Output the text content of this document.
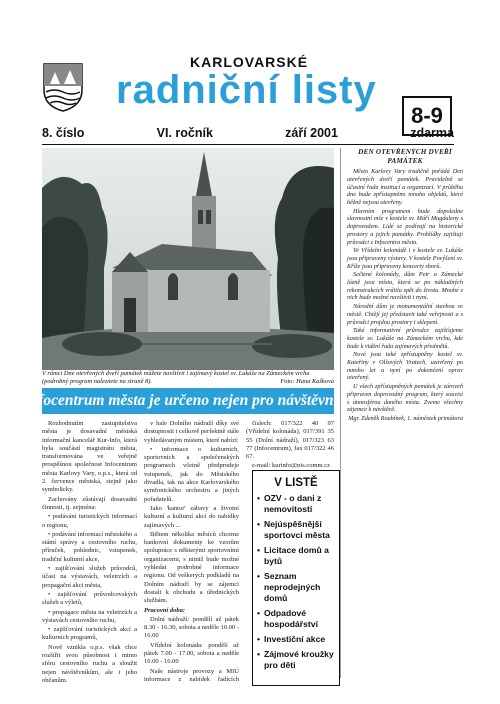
KARLOVARSKÉ
radniční listy
8-9
8. číslo	VI. ročník	září 2001	zdarma
V rámci Dne otevřených dveří památek můžete navštívit i zajímavý kostel sv. Lukáše na Zámeckém vrchu (podrobný program naleznete na straně 8).	Foto: Hana Kašková
Infocentrum města je určeno nejen pro návštěvníky

Rozhodnutím zastupitelstva města je dosavadní městská informační kancelář Kur-Info, která byla součástí magistrátu města, transformována ve veřejně prospěšnou společnost Infocentrum města Karlovy Vary, o.p.s., která od 2. července městská, stejně jako symbolicky.

Zachovány zůstávají dosavadní činnosti, tj. zejména:

• podávání turistických informací o regionu,

• podávání informací městského a státní správy a cestovního ruchu, příruček, pohlednic, vstupenek, tradiční kulturní akce,

• zajišťování služeb průvodců, účast na výstavách, veletrzích a propagační akci města,

• zajišťování průvodcovských služeb a výletů,

• propagace města na veletrzích a výstavách cestovního ruchu,

• zajišťování turistických akcí a kulturních programů,

Nově vznikla o.p.s. však chce rozšířit svou působnost i mimo sféru cestovního ruchu a sloužit nejen návštěvníkům, ale i jeho občanům.

v hale Dolního nádraží díky své dostupnosti i celkově perfektně stále vyhledávaným místem, které nabízí:

• informace o kulturních, sportovních a společenských programech včetně předprodeje vstupenek, jak do Městského divadla, tak na akce Karlovarského symfonického orchestru a jiných pořadatelů.

Jako 'kantor' zábavy a životní kulturní a kulturní akcí do nabídky zajímavých ...

Během několika měsíců chceme bankovní dokumenty ke vzorům spolupráce s některými sportovními organizacemi, s nimiž bude možné vyhledat podrobné informace regionu. Od veškerých podkladů na Dolním nádraží by se zájemci dostali k obchodu a úřednických službám.

Pracovní doba:

Dolní nádraží: pondělí až pátek 8.30 - 16.30, sobota a neděle 10.00 - 16.00

Vřídelní kolonáda: pondělí až pátek 7.00 - 17.00, sobota a neděle 10.00 - 16.00

Naše nástroje provozy a MIÚ informace z nabídek řadících

číslech: 017/322 40 97 (Vřídelní kolonáda), 017/391 35 55 (Dolní nádraží), 017/323 63 77 (Infocentrum), fax 017/322 46 67.

e-mail: kurinfo@pis.comm.cz

V LISTĚ
• OZV - o dani z nemovitostí
• Nejúspěšnější sportovci města
• Licitace domů a bytů
• Seznam neprodejných domů
• Odpadové hospodářství
• Investiční akce
• Zájmové kroužky pro děti
DEN OTEVŘENÝCH DVEŘÍ PAMÁTEK

Město Karlovy Vary tradičně pořádá Den otevřených dveří památek. Pravidelně se účastní řada institucí a organizací. V průběhu dne bude zpřístupněno mnoho objektů, které běžně nejsou otevřeny.

Hlavním programem bude dopoledne slavnostní mše v kostele sv. Máří Magdaleny s doprovodem. Lidé se podívají na historické prostory a jejich památky. Prohlídky zajištují průvodci z Infocentra města.

Ve Vřídelní kolonádě i v kostele sv. Lukáše jsou připraveny výstavy. V kostele Povýšení sv. Kříže jsou připraveny koncerty sborů.

Sečtené kolonády, dům Petr a Zámecké lázně jsou místa, která se po nákladných rekonstrukcích vrátila zpět do života. Mnohé z nich bude možné navštívit i nyní.

Národní dům je monumentální stavbou ve městě. Chtějí jej představit také veřejnosti a s průvodci projdou prostory i sklepení.

Také informativní průvodce zajišťujeme kostele sv. Lukáše na Zámeckém vrchu, kde bude k vidění řada zajímavých předmětů.

Nové jsou také zpřístupněny kostel sv. Kateřiny v Olšových Vratech, uzavřený po mnoho let a nyní po dokončení oprav otevřený.

U všech zpřístupněných památek je zároveň připraven doprovodný program, který souvisí s atmosférou daného místa. Zveme všechny zájemce k návštěvě.

Mgr. Zdeněk Roubínek, 1. náměstek primátora
